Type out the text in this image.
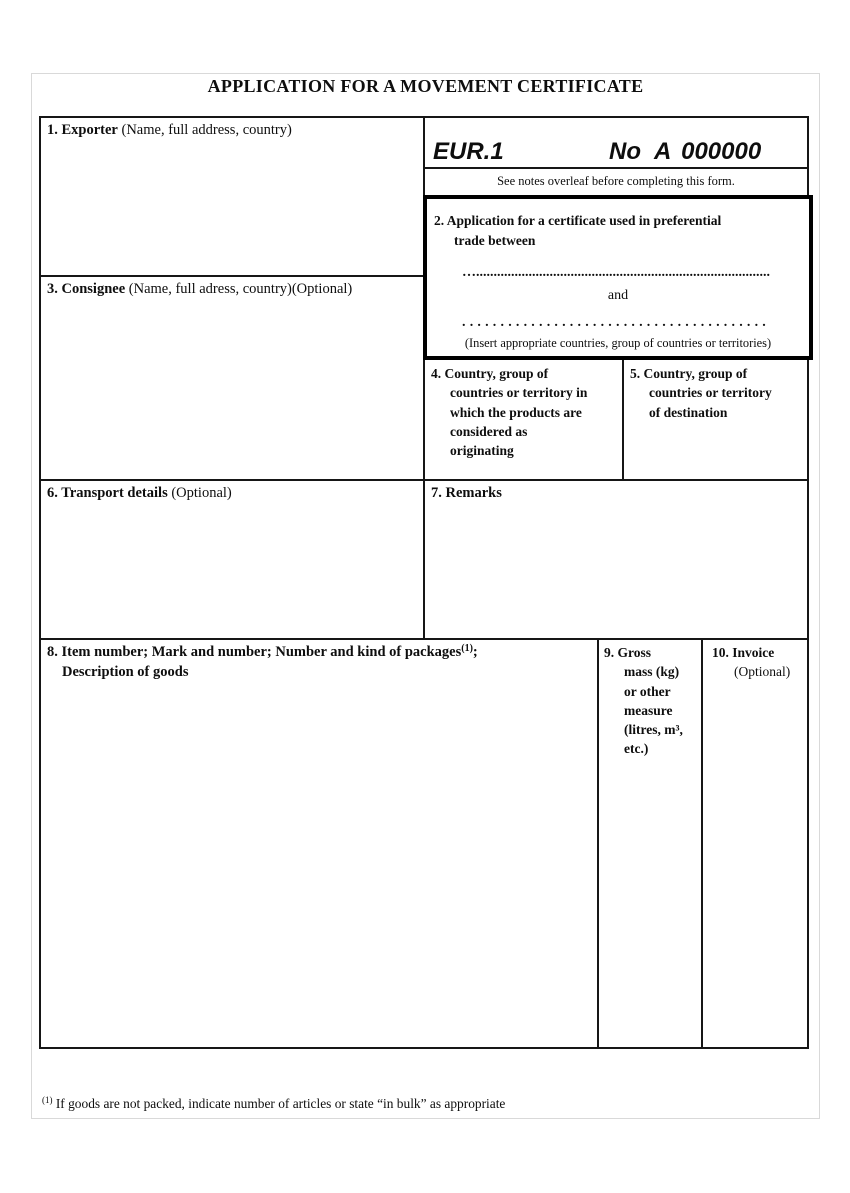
APPLICATION FOR A MOVEMENT CERTIFICATE
1. Exporter (Name, full address, country)
3. Consignee (Name, full adress, country)(Optional)
EUR.1	No A 000000
See notes overleaf before completing this form.
4. Country, group of
countries or territory in
which the products are
considered as
originating
5. Country, group of
countries or territory
of destination
6. Transport details (Optional)	7. Remarks
8. Item number; Mark and number; Number and kind of packages$^{(1)}$;
Description of goods
9. Gross
mass (kg)
or other
measure
(litres, m³,
etc.)
10. Invoice
(Optional)
2. Application for a certificate used in preferential
trade between
…....................................................................................
and
........................................
(Insert appropriate countries, group of countries or territories)
$^{(1)}$ If goods are not packed, indicate number of articles or state “in bulk” as appropriate
